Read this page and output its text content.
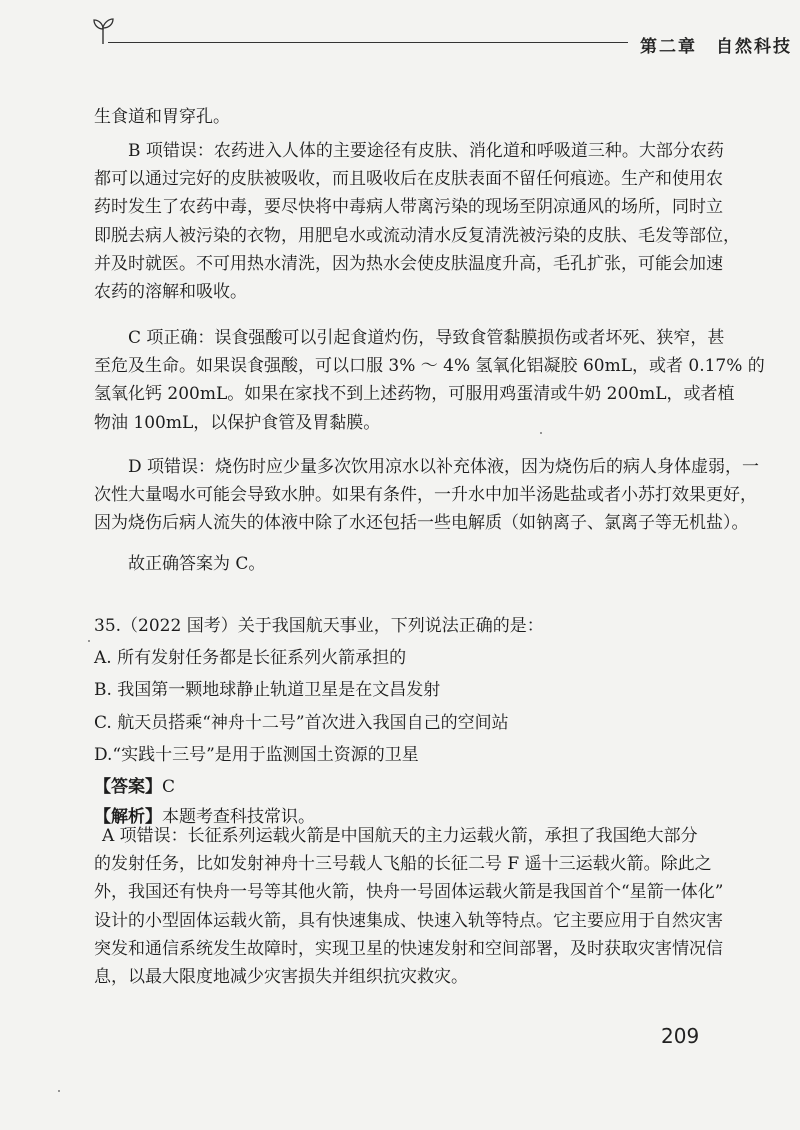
第二章　自然科技
生食道和胃穿孔。
B 项错误：农药进入人体的主要途径有皮肤、消化道和呼吸道三种。大部分农药
都可以通过完好的皮肤被吸收，而且吸收后在皮肤表面不留任何痕迹。生产和使用农
药时发生了农药中毒，要尽快将中毒病人带离污染的现场至阴凉通风的场所，同时立
即脱去病人被污染的衣物，用肥皂水或流动清水反复清洗被污染的皮肤、毛发等部位，
并及时就医。不可用热水清洗，因为热水会使皮肤温度升高，毛孔扩张，可能会加速
农药的溶解和吸收。
C 项正确：误食强酸可以引起食道灼伤，导致食管黏膜损伤或者坏死、狭窄，甚
至危及生命。如果误食强酸，可以口服 3% ～ 4% 氢氧化铝凝胶 60mL，或者 0.17% 的
氢氧化钙 200mL。如果在家找不到上述药物，可服用鸡蛋清或牛奶 200mL，或者植
物油 100mL，以保护食管及胃黏膜。
D 项错误：烧伤时应少量多次饮用凉水以补充体液，因为烧伤后的病人身体虚弱，一
次性大量喝水可能会导致水肿。如果有条件，一升水中加半汤匙盐或者小苏打效果更好，
因为烧伤后病人流失的体液中除了水还包括一些电解质（如钠离子、氯离子等无机盐）。
故正确答案为 C。
35.（2022 国考）关于我国航天事业，下列说法正确的是：
A. 所有发射任务都是长征系列火箭承担的
B. 我国第一颗地球静止轨道卫星是在文昌发射
C. 航天员搭乘“神舟十二号”首次进入我国自己的空间站
D.“实践十三号”是用于监测国土资源的卫星
【答案】C
【解析】本题考查科技常识。
A 项错误：长征系列运载火箭是中国航天的主力运载火箭，承担了我国绝大部分
的发射任务，比如发射神舟十三号载人飞船的长征二号 F 遥十三运载火箭。除此之
外，我国还有快舟一号等其他火箭，快舟一号固体运载火箭是我国首个“星箭一体化”
设计的小型固体运载火箭，具有快速集成、快速入轨等特点。它主要应用于自然灾害
突发和通信系统发生故障时，实现卫星的快速发射和空间部署，及时获取灾害情况信
息，以最大限度地减少灾害损失并组织抗灾救灾。
209
